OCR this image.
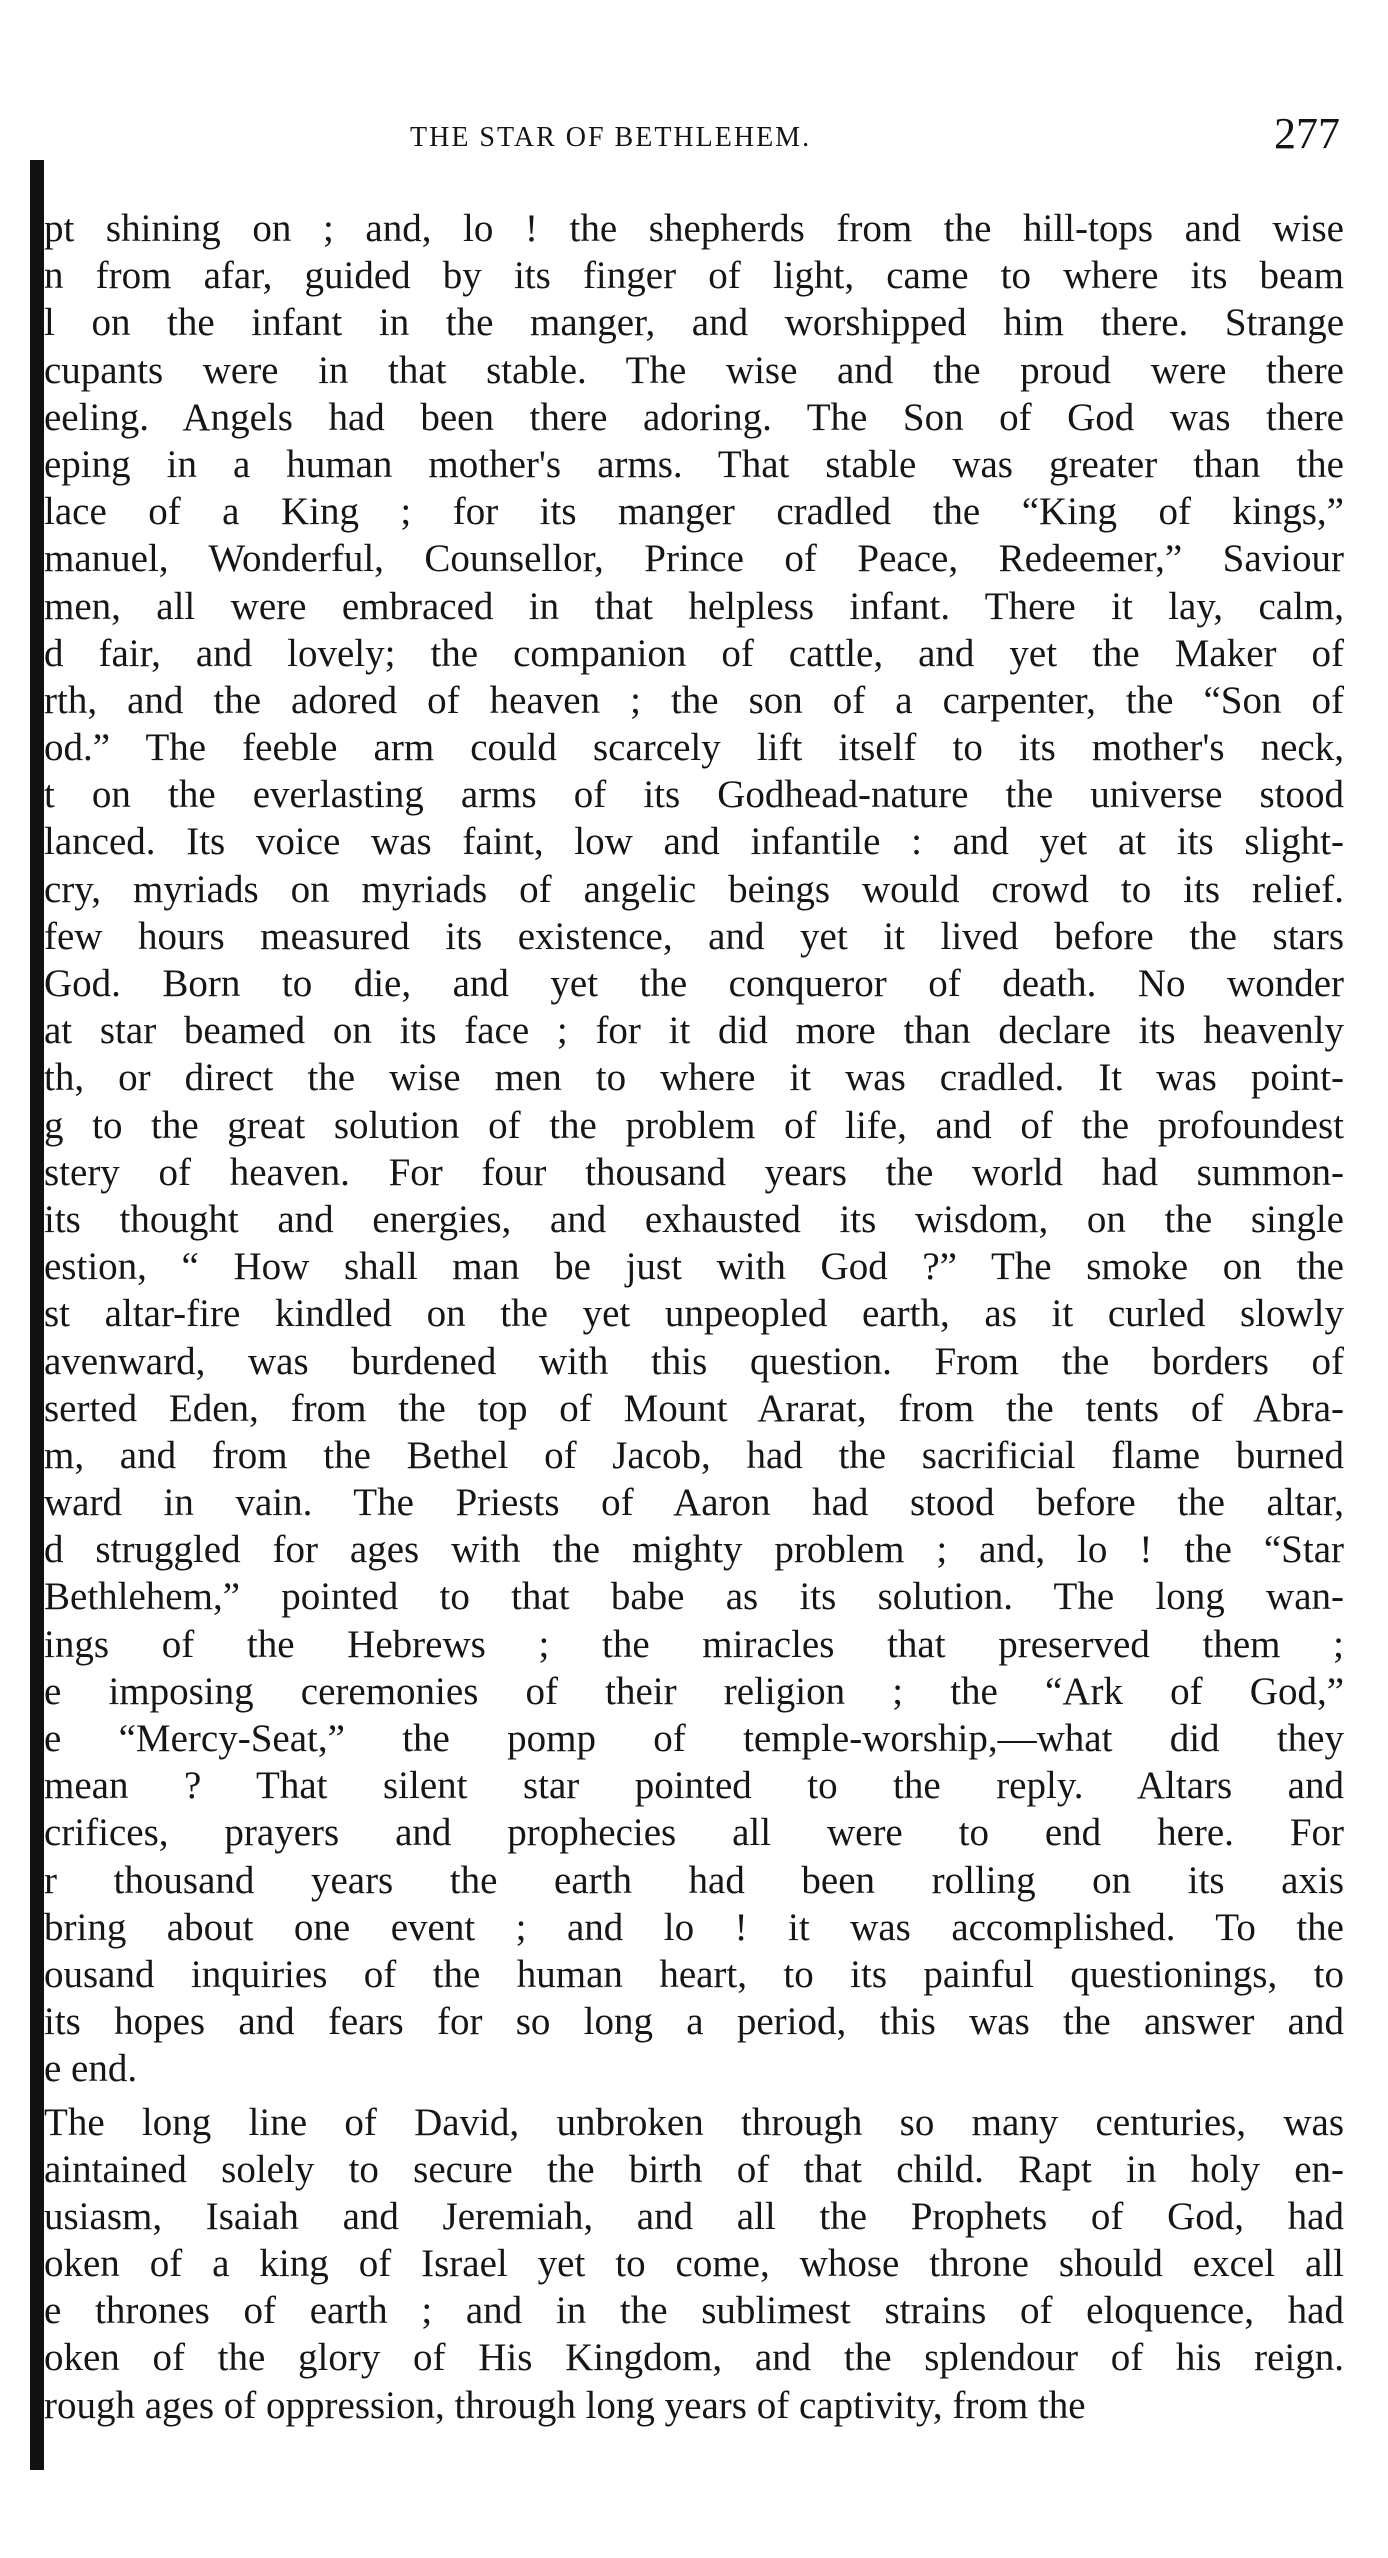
THE STAR OF BETHLEHEM.	277
pt shining on ; and, lo ! the shepherds from the hill-tops and wise
n from afar, guided by its finger of light, came to where its beam
l on the infant in the manger, and worshipped him there. Strange
cupants were in that stable. The wise and the proud were there
eeling. Angels had been there adoring. The Son of God was there
eping in a human mother's arms. That stable was greater than the
lace of a King ; for its manger cradled the “King of kings,”
manuel, Wonderful, Counsellor, Prince of Peace, Redeemer,” Saviour
men, all were embraced in that helpless infant. There it lay, calm,
d fair, and lovely; the companion of cattle, and yet the Maker of
rth, and the adored of heaven ; the son of a carpenter, the “Son of
od.” The feeble arm could scarcely lift itself to its mother's neck,
t on the everlasting arms of its Godhead-nature the universe stood
lanced. Its voice was faint, low and infantile : and yet at its slight-
cry, myriads on myriads of angelic beings would crowd to its relief.
few hours measured its existence, and yet it lived before the stars
God. Born to die, and yet the conqueror of death. No wonder
at star beamed on its face ; for it did more than declare its heavenly
th, or direct the wise men to where it was cradled. It was point-
g to the great solution of the problem of life, and of the profoundest
stery of heaven. For four thousand years the world had summon-
its thought and energies, and exhausted its wisdom, on the single
estion, “ How shall man be just with God ?” The smoke on the
st altar-fire kindled on the yet unpeopled earth, as it curled slowly
avenward, was burdened with this question. From the borders of
serted Eden, from the top of Mount Ararat, from the tents of Abra-
m, and from the Bethel of Jacob, had the sacrificial flame burned
ward in vain. The Priests of Aaron had stood before the altar,
d struggled for ages with the mighty problem ; and, lo ! the “Star
Bethlehem,” pointed to that babe as its solution. The long wan-
ings of the Hebrews ; the miracles that preserved them ;
e imposing ceremonies of their religion ; the “Ark of God,”
e “Mercy-Seat,” the pomp of temple-worship,—what did they
mean ? That silent star pointed to the reply. Altars and
crifices, prayers and prophecies all were to end here. For
r thousand years the earth had been rolling on its axis
bring about one event ; and lo ! it was accomplished. To the
ousand inquiries of the human heart, to its painful questionings, to
its hopes and fears for so long a period, this was the answer and
e end.
The long line of David, unbroken through so many centuries, was
aintained solely to secure the birth of that child. Rapt in holy en-
usiasm, Isaiah and Jeremiah, and all the Prophets of God, had
oken of a king of Israel yet to come, whose throne should excel all
e thrones of earth ; and in the sublimest strains of eloquence, had
oken of the glory of His Kingdom, and the splendour of his reign.
rough ages of oppression, through long years of captivity, from the
